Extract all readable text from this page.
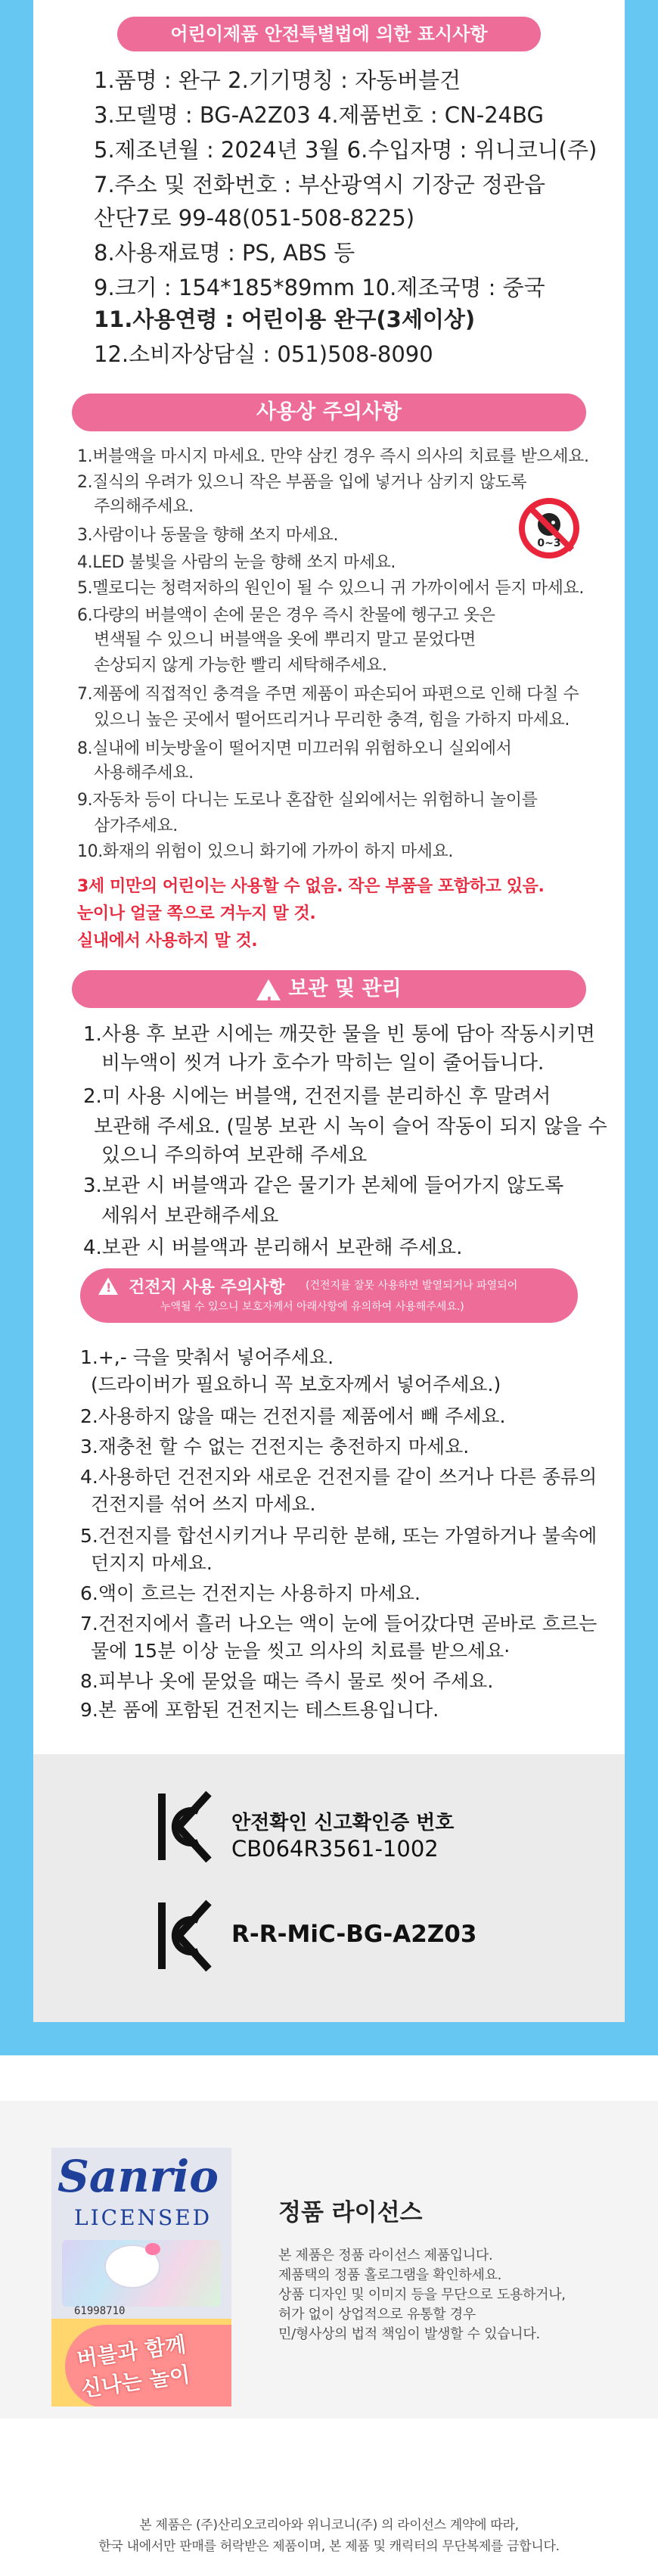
어린이제품 안전특별법에 의한 표시사항
1.품명 : 완구 2.기기명칭 : 자동버블건
3.모델명 : BG-A2Z03 4.제품번호 : CN-24BG
5.제조년월 : 2024년 3월 6.수입자명 : 위니코니(주)
7.주소 및 전화번호 : 부산광역시 기장군 정관읍
산단7로 99-48(051-508-8225)
8.사용재료명 : PS, ABS 등
9.크기 : 154*185*89mm 10.제조국명 : 중국
11.사용연령 : 어린이용 완구(3세이상)
12.소비자상담실 : 051)508-8090
사용상 주의사항
0~3
1.버블액을 마시지 마세요. 만약 삼킨 경우 즉시 의사의 치료를 받으세요.
2.질식의 우려가 있으니 작은 부품을 입에 넣거나 삼키지 않도록
주의해주세요.
3.사람이나 동물을 향해 쏘지 마세요.
4.LED 불빛을 사람의 눈을 향해 쏘지 마세요.
5.멜로디는 청력저하의 원인이 될 수 있으니 귀 가까이에서 듣지 마세요.
6.다량의 버블액이 손에 묻은 경우 즉시 찬물에 헹구고 옷은
변색될 수 있으니 버블액을 옷에 뿌리지 말고 묻었다면
손상되지 않게 가능한 빨리 세탁해주세요.
7.제품에 직접적인 충격을 주면 제품이 파손되어 파편으로 인해 다칠 수
있으니 높은 곳에서 떨어뜨리거나 무리한 충격, 힘을 가하지 마세요.
8.실내에 비눗방울이 떨어지면 미끄러워 위험하오니 실외에서
사용해주세요.
9.자동차 등이 다니는 도로나 혼잡한 실외에서는 위험하니 놀이를
삼가주세요.
10.화재의 위험이 있으니 화기에 가까이 하지 마세요.
3세 미만의 어린이는 사용할 수 없음. 작은 부품을 포함하고 있음.
눈이나 얼굴 쪽으로 겨누지 말 것.
실내에서 사용하지 말 것.
!보관 및 관리
1.사용 후 보관 시에는 깨끗한 물을 빈 통에 담아 작동시키면
비누액이 씻겨 나가 호수가 막히는 일이 줄어듭니다.
2.미 사용 시에는 버블액, 건전지를 분리하신 후 말려서
보관해 주세요. (밀봉 보관 시 녹이 슬어 작동이 되지 않을 수
있으니 주의하여 보관해 주세요
3.보관 시 버블액과 같은 물기가 본체에 들어가지 않도록
세워서 보관해주세요
4.보관 시 버블액과 분리해서 보관해 주세요.
!
건전지 사용 주의사항 (건전지를 잘못 사용하면 발열되거나 파열되어
누액될 수 있으니 보호자께서 아래사항에 유의하여 사용해주세요.)
1.+,- 극을 맞춰서 넣어주세요.
(드라이버가 필요하니 꼭 보호자께서 넣어주세요.)
2.사용하지 않을 때는 건전지를 제품에서 빼 주세요.
3.재충천 할 수 없는 건전지는 충전하지 마세요.
4.사용하던 건전지와 새로운 건전지를 같이 쓰거나 다른 종류의
건전지를 섞어 쓰지 마세요.
5.건전지를 합선시키거나 무리한 분해, 또는 가열하거나 불속에
던지지 마세요.
6.액이 흐르는 건전지는 사용하지 마세요.
7.건전지에서 흘러 나오는 액이 눈에 들어갔다면 곧바로 흐르는
물에 15분 이상 눈을 씻고 의사의 치료를 받으세요·
8.피부나 옷에 묻었을 때는 즉시 물로 씻어 주세요.
9.본 품에 포함된 건전지는 테스트용입니다.
안전확인 신고확인증 번호
CB064R3561-1002
R-R-MiC-BG-A2Z03
Sanrio
LICENSED
61998710
버블과 함께
신나는 놀이
정품 라이선스
본 제품은 정품 라이선스 제품입니다.
제품택의 정품 홀로그램을 확인하세요.
상품 디자인 및 이미지 등을 무단으로 도용하거나,
허가 없이 상업적으로 유통할 경우
민/형사상의 법적 책임이 발생할 수 있습니다.
본 제품은 (주)산리오코리아와 위니코니(주) 의 라이선스 계약에 따라,
한국 내에서만 판매를 허락받은 제품이며, 본 제품 및 캐릭터의 무단복제를 금합니다.
